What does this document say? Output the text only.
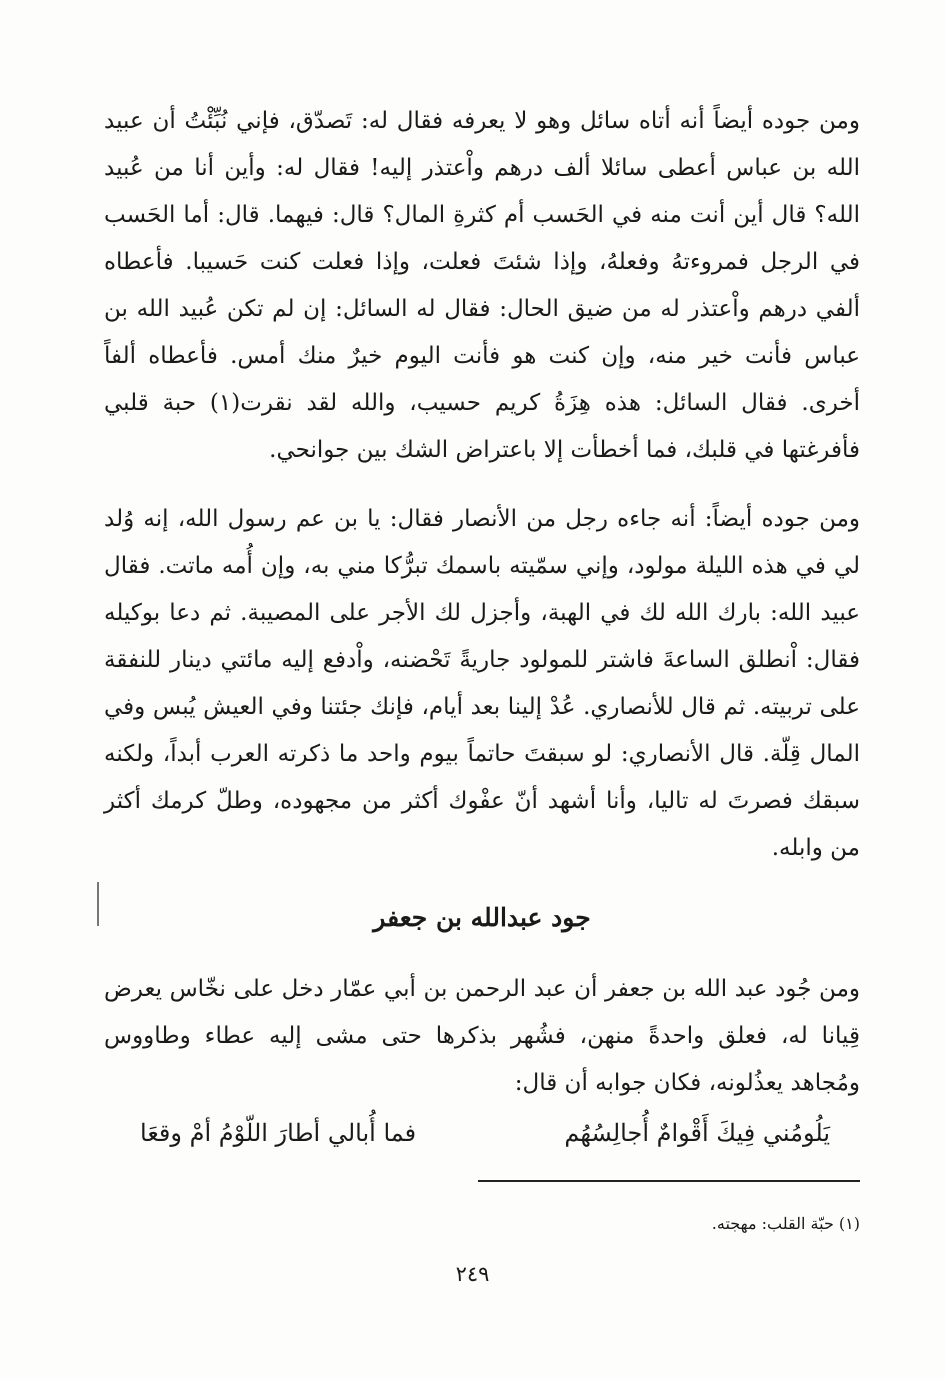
ومن جوده أيضاً أنه أتاه سائل وهو لا يعرفه فقال له: تَصدّق، فإني نُبِّئْتُ أن عبيد الله بن عباس أعطى سائلا ألف درهم واْعتذر إليه! فقال له: وأين أنا من عُبيد الله؟ قال أين أنت منه في الحَسب أم كثرةِ المال؟ قال: فيهما. قال: أما الحَسب في الرجل فمروءتهُ وفعلهُ، وإذا شئتَ فعلت، وإذا فعلت كنت حَسيبا. فأعطاه ألفي درهم واْعتذر له من ضيق الحال: فقال له السائل: إن لم تكن عُبيد الله بن عباس فأنت خير منه، وإن كنت هو فأنت اليوم خيرٌ منك أمس. فأعطاه ألفاً أخرى. فقال السائل: هذه هِزَةُ كريم حسيب، والله لقد نقرت(١) حبة قلبي فأفرغتها في قلبك، فما أخطأت إلا باعتراض الشك بين جوانحي.

ومن جوده أيضاً: أنه جاءه رجل من الأنصار فقال: يا بن عم رسول الله، إنه وُلد لي في هذه الليلة مولود، وإني سمّيته باسمك تبرُّكا مني به، وإن أُمه ماتت. فقال عبيد الله: بارك الله لك في الهبة، وأجزل لك الأجر على المصيبة. ثم دعا بوكيله فقال: اْنطلق الساعةَ فاشتر للمولود جاريةً تَحْضنه، واْدفع إليه مائتي دينار للنفقة على تربيته. ثم قال للأنصاري. عُدْ إلينا بعد أيام، فإنك جئتنا وفي العيش يُبس وفي المال قِلّة. قال الأنصاري: لو سبقتَ حاتماً بيوم واحد ما ذكرته العرب أبداً، ولكنه سبقك فصرتَ له تاليا، وأنا أشهد أنّ عفْوك أكثر من مجهوده، وطلّ كرمك أكثر من وابله.

جود عبدالله بن جعفر

ومن جُود عبد الله بن جعفر أن عبد الرحمن بن أبي عمّار دخل على نخّاس يعرض قِيانا له، فعلق واحدةً منهن، فشُهر بذكرها حتى مشى إليه عطاء وطاووس ومُجاهد يعذُلونه، فكان جوابه أن قال:

يَلُومُني فِيكَ أَقْوامٌ أُجالِسُهُم
فما أُبالي أطارَ اللّوْمُ أمْ وقعَا
(١) حبّة القلب: مهجته.
٢٤٩
